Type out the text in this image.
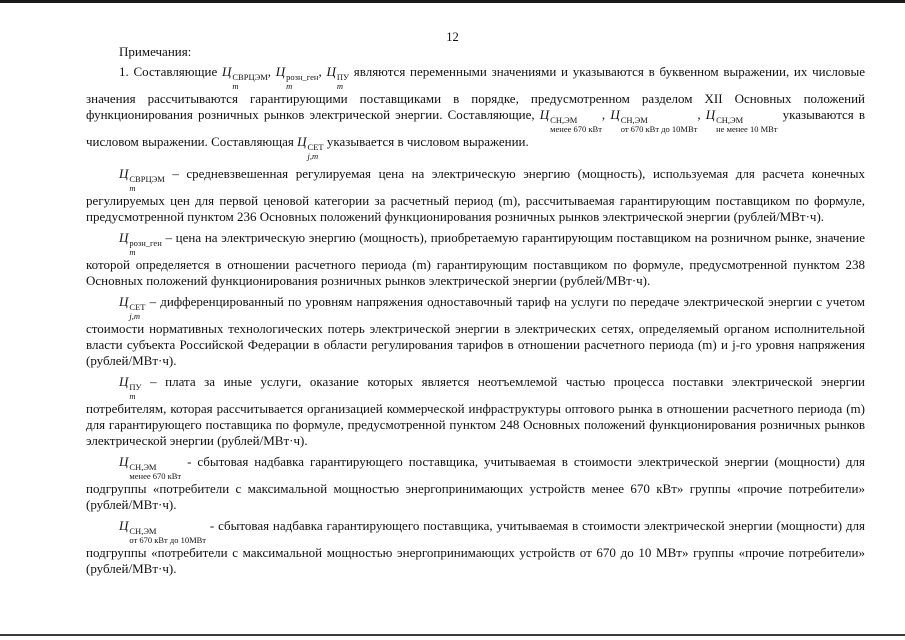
12

Примечания:

1. Составляющие Ц СВРЦЭМ
m
, Ц розн_ген
m
, Ц ПУ
m
являются переменными значениями и указываются в буквенном выражении, их числовые значения рассчитываются гарантирующими поставщиками в порядке, предусмотренном разделом XII Основных положений функционирования розничных рынков электрической энергии. Составляющие, Ц СН,ЭМ
менее 670 кВт
, Ц СН,ЭМ
от 670 кВт до 10МВт
, Ц СН,ЭМ
не менее 10 МВт
указываются в числовом выражении. Составляющая Ц СЕТ
j,m
указывается в числовом выражении.

Ц СВРЦЭМ
m
– средневзвешенная регулируемая цена на электрическую энергию (мощность), используемая для расчета конечных регулируемых цен для первой ценовой категории за расчетный период (m), рассчитываемая гарантирующим поставщиком по формуле, предусмотренной пунктом 236 Основных положений функционирования розничных рынков электрической энергии (рублей/МВт·ч).

Ц розн_ген
m
– цена на электрическую энергию (мощность), приобретаемую гарантирующим поставщиком на розничном рынке, значение которой определяется в отношении расчетного периода (m) гарантирующим поставщиком по формуле, предусмотренной пунктом 238 Основных положений функционирования розничных рынков электрической энергии (рублей/МВт·ч).

Ц СЕТ
j,m
– дифференцированный по уровням напряжения одноставочный тариф на услуги по передаче электрической энергии с учетом стоимости нормативных технологических потерь электрической энергии в электрических сетях, определяемый органом исполнительной власти субъекта Российской Федерации в области регулирования тарифов в отношении расчетного периода (m) и j-го уровня напряжения (рублей/МВт·ч).

Ц ПУ
m
– плата за иные услуги, оказание которых является неотъемлемой частью процесса поставки электрической энергии потребителям, которая рассчитывается организацией коммерческой инфраструктуры оптового рынка в отношении расчетного периода (m) для гарантирующего поставщика по формуле, предусмотренной пунктом 248 Основных положений функционирования розничных рынков электрической энергии (рублей/МВт·ч).

Ц СН,ЭМ
менее 670 кВт
- сбытовая надбавка гарантирующего поставщика, учитываемая в стоимости электрической энергии (мощности) для подгруппы «потребители с максимальной мощностью энергопринимающих устройств менее 670 кВт» группы «прочие потребители» (рублей/МВт·ч).

Ц СН,ЭМ
от 670 кВт до 10МВт
- сбытовая надбавка гарантирующего поставщика, учитываемая в стоимости электрической энергии (мощности) для подгруппы «потребители с максимальной мощностью энергопринимающих устройств от 670 до 10 МВт» группы «прочие потребители» (рублей/МВт·ч).
